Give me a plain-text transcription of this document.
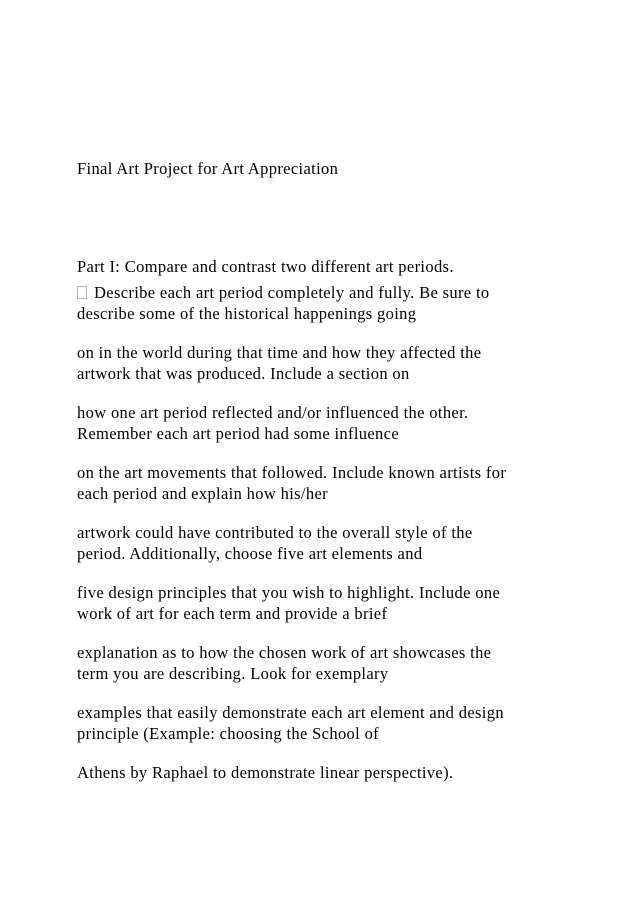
Final Art Project for Art Appreciation
Part I: Compare and contrast two different art periods.
Describe each art period completely and fully. Be sure to
describe some of the historical happenings going
on in the world during that time and how they affected the
artwork that was produced. Include a section on
how one art period reflected and/or influenced the other.
Remember each art period had some influence
on the art movements that followed. Include known artists for
each period and explain how his/her
artwork could have contributed to the overall style of the
period. Additionally, choose five art elements and
five design principles that you wish to highlight. Include one
work of art for each term and provide a brief
explanation as to how the chosen work of art showcases the
term you are describing. Look for exemplary
examples that easily demonstrate each art element and design
principle (Example: choosing the School of
Athens by Raphael to demonstrate linear perspective).
